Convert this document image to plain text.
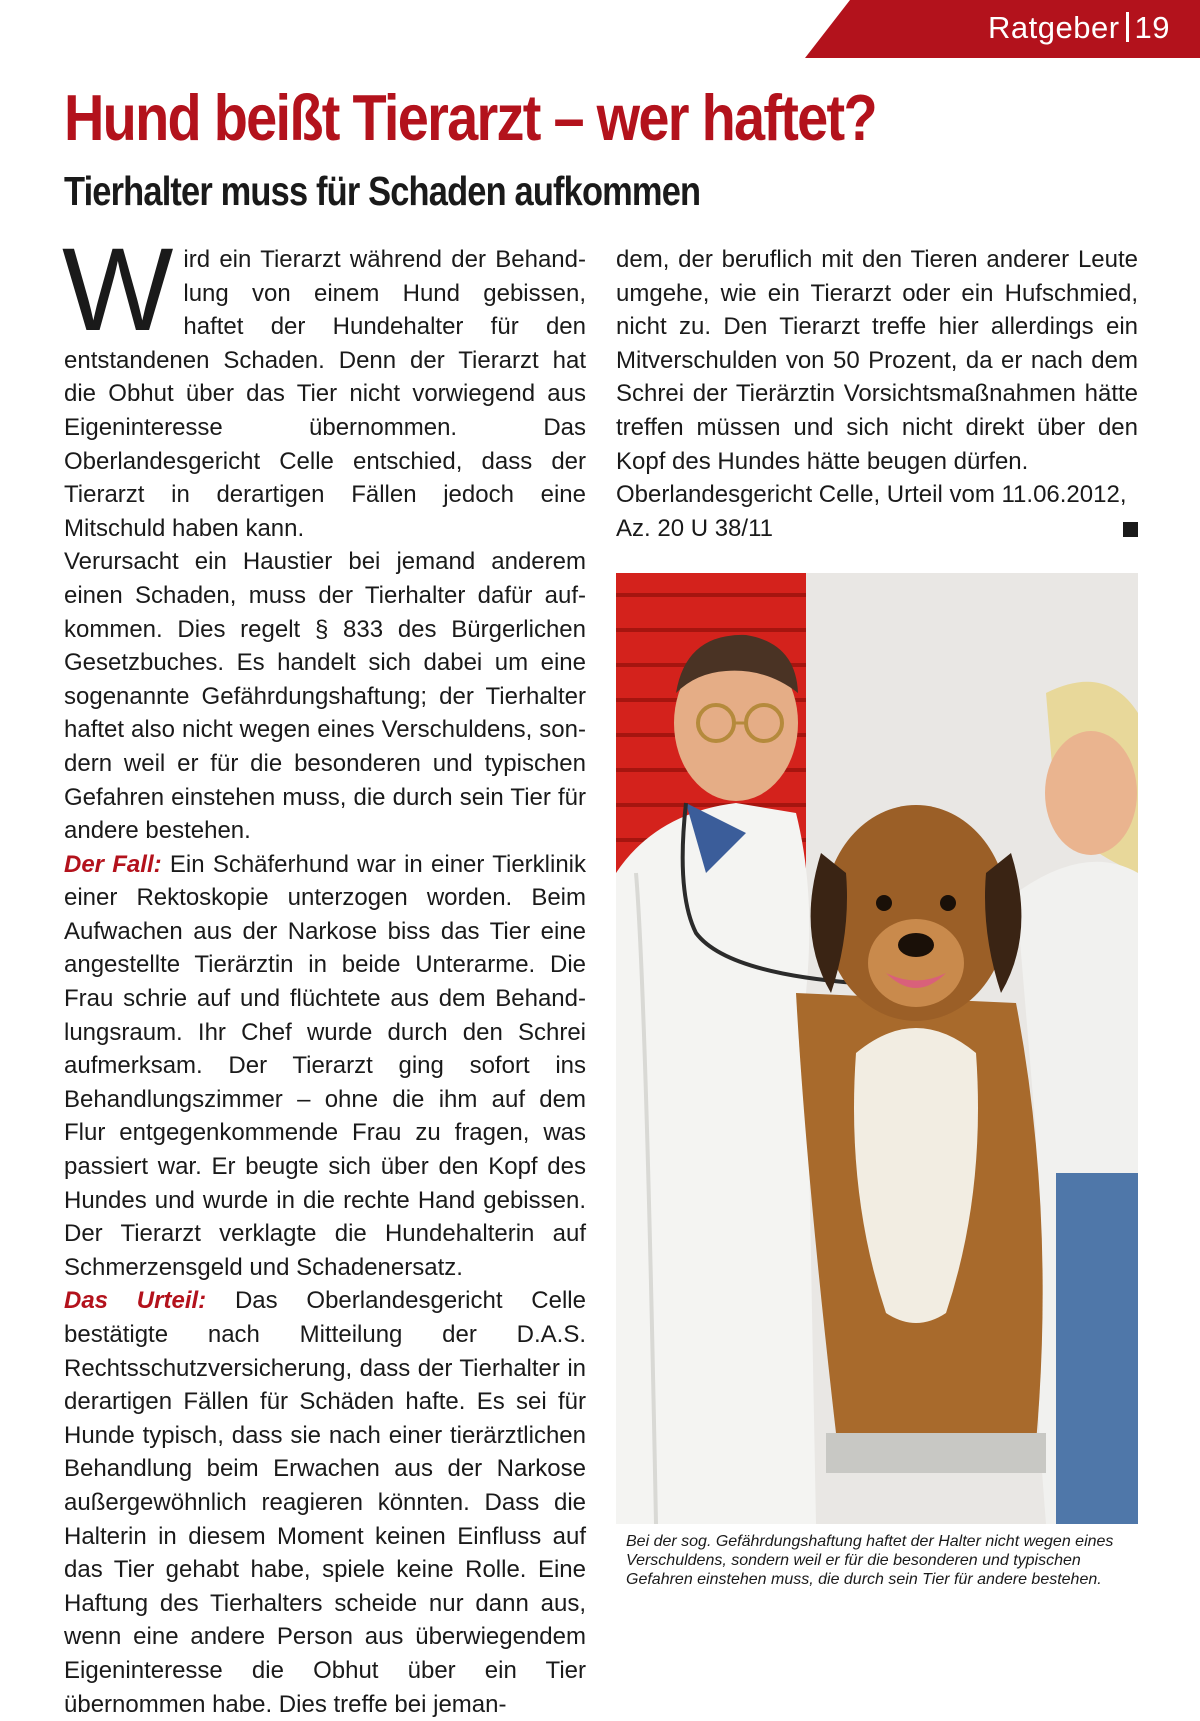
Ratgeber 19
Hund beißt Tierarzt – wer haftet?
Tierhalter muss für Schaden aufkommen

Wird ein Tierarzt während der Behandlung von einem Hund gebissen, haftet der Hundehalter für den entstandenen Schaden. Denn der Tierarzt hat die Obhut über das Tier nicht vorwiegend aus Eigeninteresse übernommen. Das Oberlandesgericht Celle entschied, dass der Tierarzt in derartigen Fällen jedoch eine Mitschuld haben kann.

Verursacht ein Haustier bei jemand anderem einen Schaden, muss der Tierhalter dafür aufkommen. Dies regelt § 833 des Bürgerlichen Gesetzbuches. Es handelt sich dabei um eine sogenannte Gefährdungshaftung; der Tierhalter haftet also nicht wegen eines Verschuldens, sondern weil er für die besonderen und typischen Gefahren einstehen muss, die durch sein Tier für andere bestehen.

Der Fall: Ein Schäferhund war in einer Tierklinik einer Rektoskopie unterzogen worden. Beim Aufwachen aus der Narkose biss das Tier eine angestellte Tierärztin in beide Unterarme. Die Frau schrie auf und flüchtete aus dem Behandlungsraum. Ihr Chef wurde durch den Schrei aufmerksam. Der Tierarzt ging sofort ins Behandlungszimmer – ohne die ihm auf dem Flur entgegenkommende Frau zu fragen, was passiert war. Er beugte sich über den Kopf des Hundes und wurde in die rechte Hand gebissen. Der Tierarzt verklagte die Hundehalterin auf Schmerzensgeld und Schadenersatz.

Das Urteil: Das Oberlandesgericht Celle bestätigte nach Mitteilung der D.A.S. Rechtsschutzversicherung, dass der Tierhalter in derartigen Fällen für Schäden hafte. Es sei für Hunde typisch, dass sie nach einer tierärztlichen Behandlung beim Erwachen aus der Narkose außergewöhnlich reagieren könnten. Dass die Halterin in diesem Moment keinen Einfluss auf das Tier gehabt habe, spiele keine Rolle. Eine Haftung des Tierhalters scheide nur dann aus, wenn eine andere Person aus überwiegendem Eigeninteresse die Obhut über ein Tier übernommen habe. Dies treffe bei jeman-

dem, der beruflich mit den Tieren anderer Leute umgehe, wie ein Tierarzt oder ein Hufschmied, nicht zu. Den Tierarzt treffe hier allerdings ein Mitverschulden von 50 Prozent, da er nach dem Schrei der Tierärztin Vorsichtsmaßnahmen hätte treffen müssen und sich nicht direkt über den Kopf des Hundes hätte beugen dürfen.

Oberlandesgericht Celle, Urteil vom 11.06.2012,
Az. 20 U 38/11

Bei der sog. Gefährdungshaftung haftet der Halter nicht wegen eines Verschuldens, sondern weil er für die besonderen und typischen Gefahren einstehen muss, die durch sein Tier für andere bestehen.
